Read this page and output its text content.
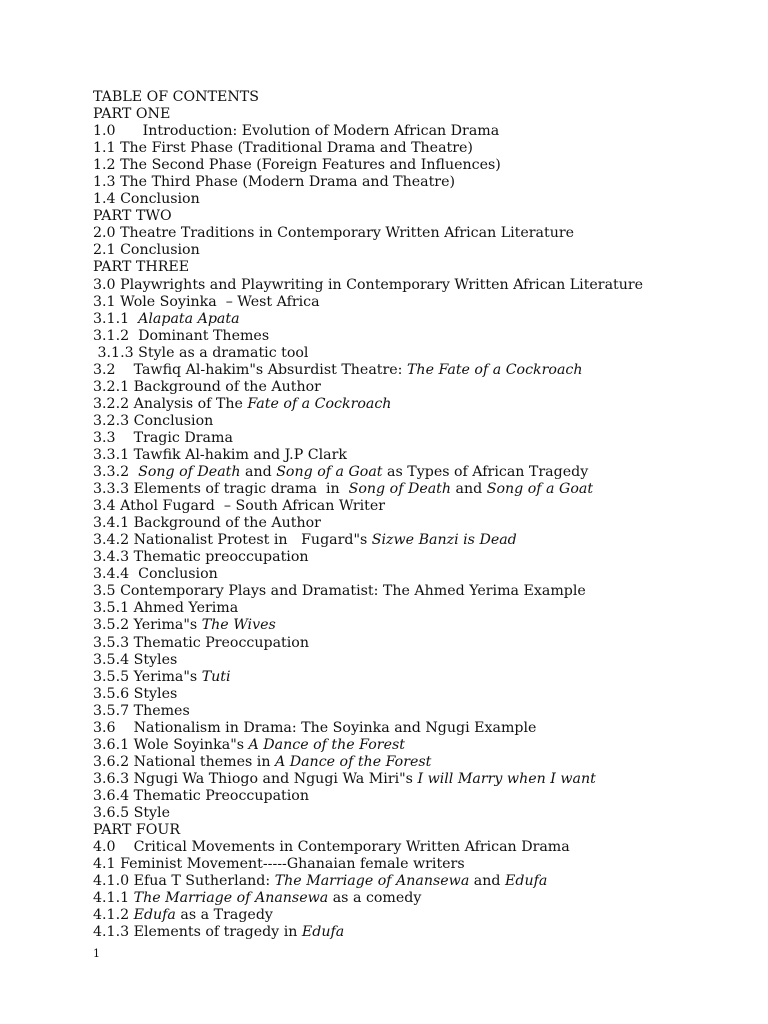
TABLE OF CONTENTS
PART ONE
1.0      Introduction: Evolution of Modern African Drama
1.1 The First Phase (Traditional Drama and Theatre)
1.2 The Second Phase (Foreign Features and Influences)
1.3 The Third Phase (Modern Drama and Theatre)
1.4 Conclusion
PART TWO
2.0 Theatre Traditions in Contemporary Written African Literature
2.1 Conclusion
PART THREE
3.0 Playwrights and Playwriting in Contemporary Written African Literature
3.1 Wole Soyinka  – West Africa
3.1.1  Alapata Apata
3.1.2  Dominant Themes
3.1.3 Style as a dramatic tool
3.2    Tawfiq Al-hakim"s Absurdist Theatre: The Fate of a Cockroach
3.2.1 Background of the Author
3.2.2 Analysis of The Fate of a Cockroach
3.2.3 Conclusion
3.3    Tragic Drama
3.3.1 Tawfik Al-hakim and J.P Clark
3.3.2  Song of Death and Song of a Goat as Types of African Tragedy
3.3.3 Elements of tragic drama  in  Song of Death and Song of a Goat
3.4 Athol Fugard  – South African Writer
3.4.1 Background of the Author
3.4.2 Nationalist Protest in   Fugard"s Sizwe Banzi is Dead
3.4.3 Thematic preoccupation
3.4.4  Conclusion
3.5 Contemporary Plays and Dramatist: The Ahmed Yerima Example
3.5.1 Ahmed Yerima
3.5.2 Yerima"s The Wives
3.5.3 Thematic Preoccupation
3.5.4 Styles
3.5.5 Yerima"s Tuti
3.5.6 Styles
3.5.7 Themes
3.6    Nationalism in Drama: The Soyinka and Ngugi Example
3.6.1 Wole Soyinka"s A Dance of the Forest
3.6.2 National themes in A Dance of the Forest
3.6.3 Ngugi Wa Thiogo and Ngugi Wa Miri"s I will Marry when I want
3.6.4 Thematic Preoccupation
3.6.5 Style
PART FOUR
4.0    Critical Movements in Contemporary Written African Drama
4.1 Feminist Movement-----Ghanaian female writers
4.1.0 Efua T Sutherland: The Marriage of Anansewa and Edufa
4.1.1 The Marriage of Anansewa as a comedy
4.1.2 Edufa as a Tragedy
4.1.3 Elements of tragedy in Edufa
1
